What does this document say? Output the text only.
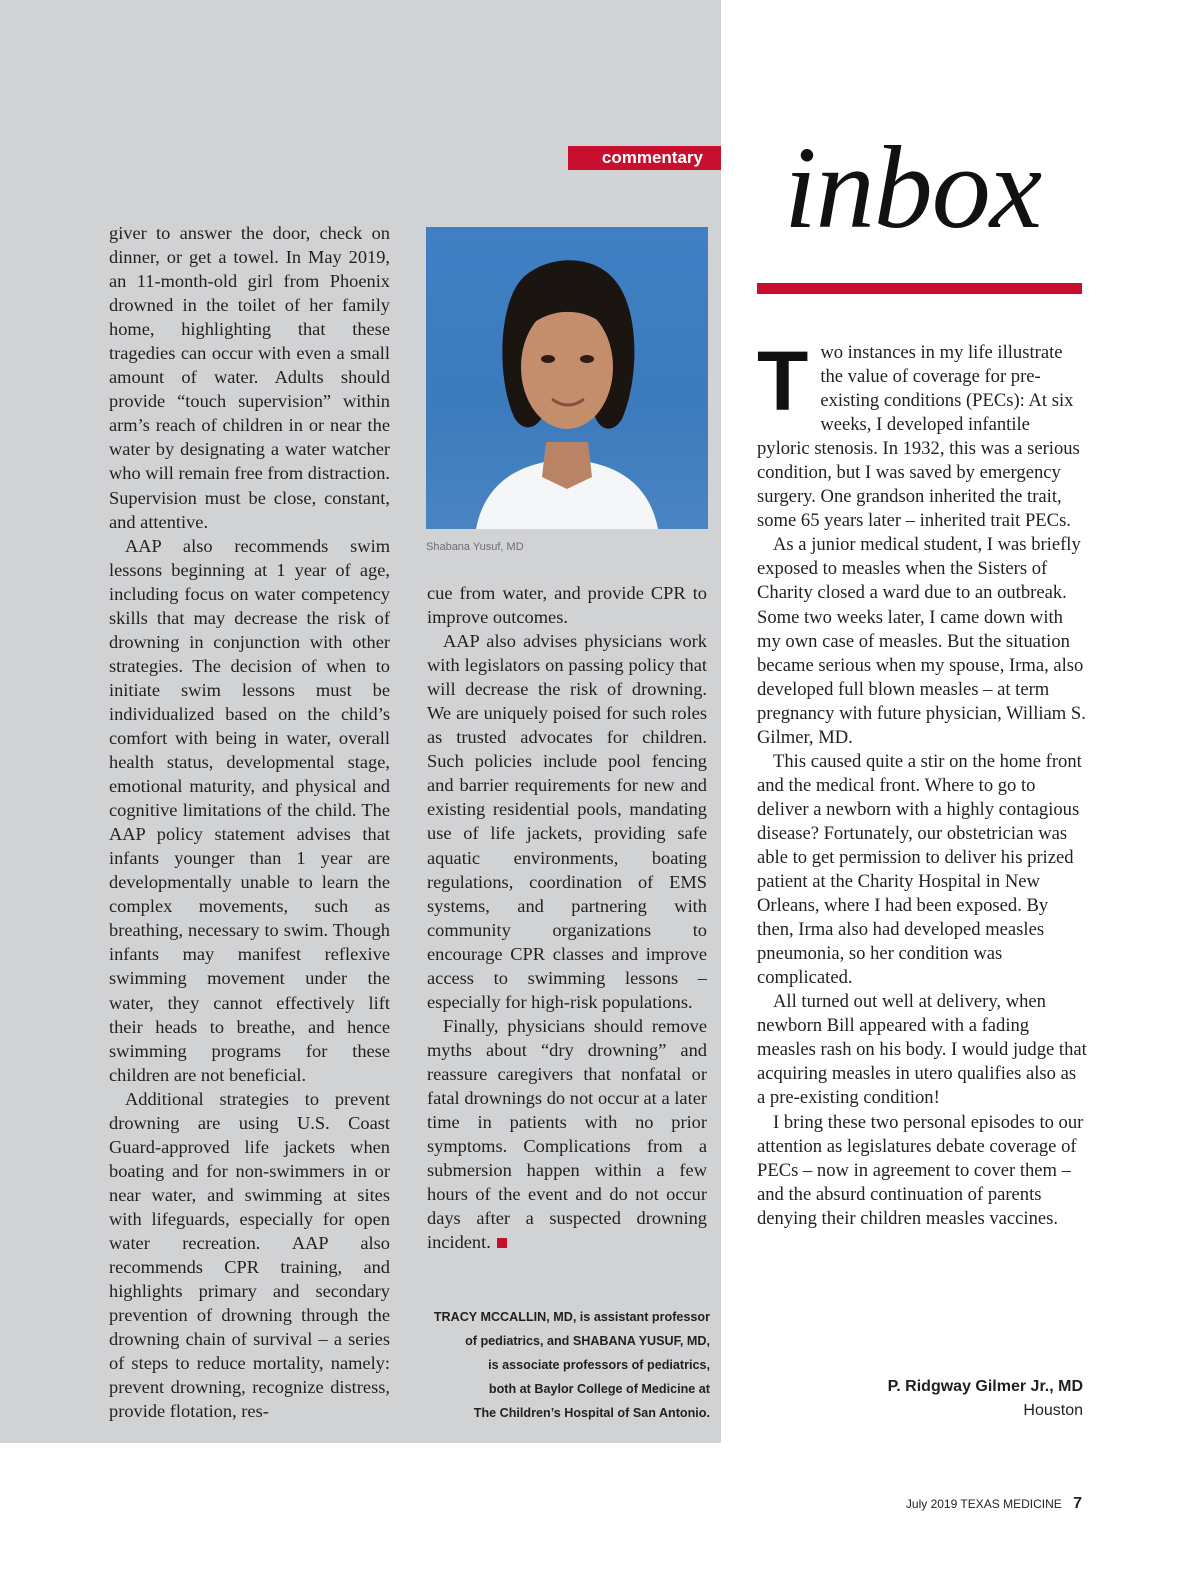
commentary

giver to answer the door, check on dinner, or get a towel. In May 2019, an 11-month-old girl from Phoenix drowned in the toilet of her family home, highlighting that these tragedies can occur with even a small amount of water. Adults should provide “touch supervision” within arm’s reach of children in or near the water by designating a water watcher who will remain free from distraction. Supervision must be close, constant, and attentive.

AAP also recommends swim lessons beginning at 1 year of age, including focus on water competency skills that may decrease the risk of drowning in conjunction with other strategies. The decision of when to initiate swim lessons must be individualized based on the child’s comfort with being in water, overall health status, developmental stage, emotional maturity, and physical and cognitive limitations of the child. The AAP policy statement advises that infants younger than 1 year are developmentally unable to learn the complex movements, such as breathing, necessary to swim. Though infants may manifest reflexive swimming movement under the water, they cannot effectively lift their heads to breathe, and hence swimming programs for these children are not beneficial.

Additional strategies to prevent drowning are using U.S. Coast Guard-approved life jackets when boating and for non-swimmers in or near water, and swimming at sites with lifeguards, especially for open water recreation. AAP also recommends CPR training, and highlights primary and secondary prevention of drowning through the drowning chain of survival – a series of steps to reduce mortality, namely: prevent drowning, recognize distress, provide flotation, res-

Shabana Yusuf, MD

cue from water, and provide CPR to improve outcomes.

AAP also advises physicians work with legislators on passing policy that will decrease the risk of drowning. We are uniquely poised for such roles as trusted advocates for children. Such policies include pool fencing and barrier requirements for new and existing residential pools, mandating use of life jackets, providing safe aquatic environments, boating regulations, coordination of EMS systems, and partnering with community organizations to encourage CPR classes and improve access to swimming lessons – especially for high-risk populations.

Finally, physicians should remove myths about “dry drowning” and reassure caregivers that nonfatal or fatal drownings do not occur at a later time in patients with no prior symptoms. Complications from a submersion happen within a few hours of the event and do not occur days after a suspected drowning incident.

TRACY MCCALLIN, MD, is assistant professor
of pediatrics, and SHABANA YUSUF, MD,
is associate professors of pediatrics,
both at Baylor College of Medicine at
The Children’s Hospital of San Antonio.
inbox

Two instances in my life illustrate the value of coverage for pre-existing conditions (PECs): At six weeks, I developed infantile pyloric stenosis. In 1932, this was a serious condition, but I was saved by emergency surgery. One grandson inherited the trait, some 65 years later – inherited trait PECs.

As a junior medical student, I was briefly exposed to measles when the Sisters of Charity closed a ward due to an outbreak. Some two weeks later, I came down with my own case of measles. But the situation became serious when my spouse, Irma, also developed full blown measles – at term pregnancy with future physician, William S. Gilmer, MD.

This caused quite a stir on the home front and the medical front. Where to go to deliver a newborn with a highly contagious disease? Fortunately, our obstetrician was able to get permission to deliver his prized patient at the Charity Hospital in New Orleans, where I had been exposed. By then, Irma also had developed measles pneumonia, so her condition was complicated.

All turned out well at delivery, when newborn Bill appeared with a fading measles rash on his body. I would judge that acquiring measles in utero qualifies also as a pre-existing condition!

I bring these two personal episodes to our attention as legislatures debate coverage of PECs – now in agreement to cover them – and the absurd continuation of parents denying their children measles vaccines.

P. Ridgway Gilmer Jr., MD
Houston
July 2019 TEXAS MEDICINE 7
